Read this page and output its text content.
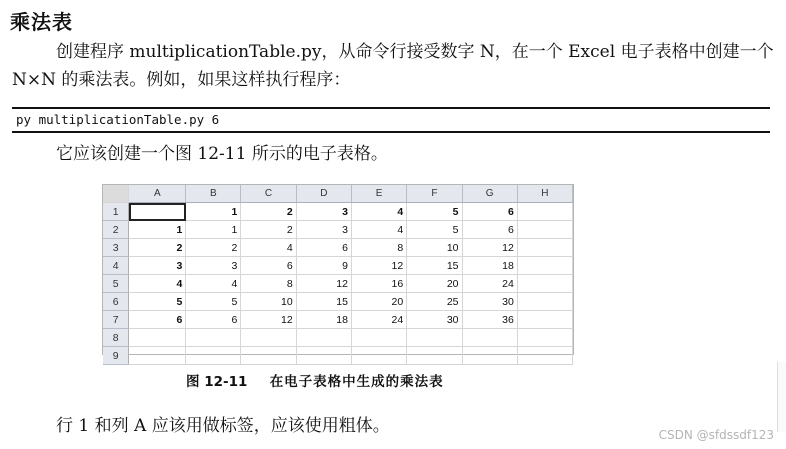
乘法表
创建程序 multiplicationTable.py，从命令行接受数字 N，在一个 Excel 电子表格中创建一个 N×N 的乘法表。例如，如果这样执行程序：
py multiplicationTable.py 6
它应该创建一个图 12-11 所示的电子表格。
	A	B	C	D	E	F	G	H
1		1	2	3	4	5	6	
2	1	1	2	3	4	5	6	
3	2	2	4	6	8	10	12	
4	3	3	6	9	12	15	18	
5	4	4	8	12	16	20	24	
6	5	5	10	15	20	25	30	
7	6	6	12	18	24	30	36	
8								
9								
图 12-11 在电子表格中生成的乘法表
行 1 和列 A 应该用做标签，应该使用粗体。	CSDN @sfdssdf123
